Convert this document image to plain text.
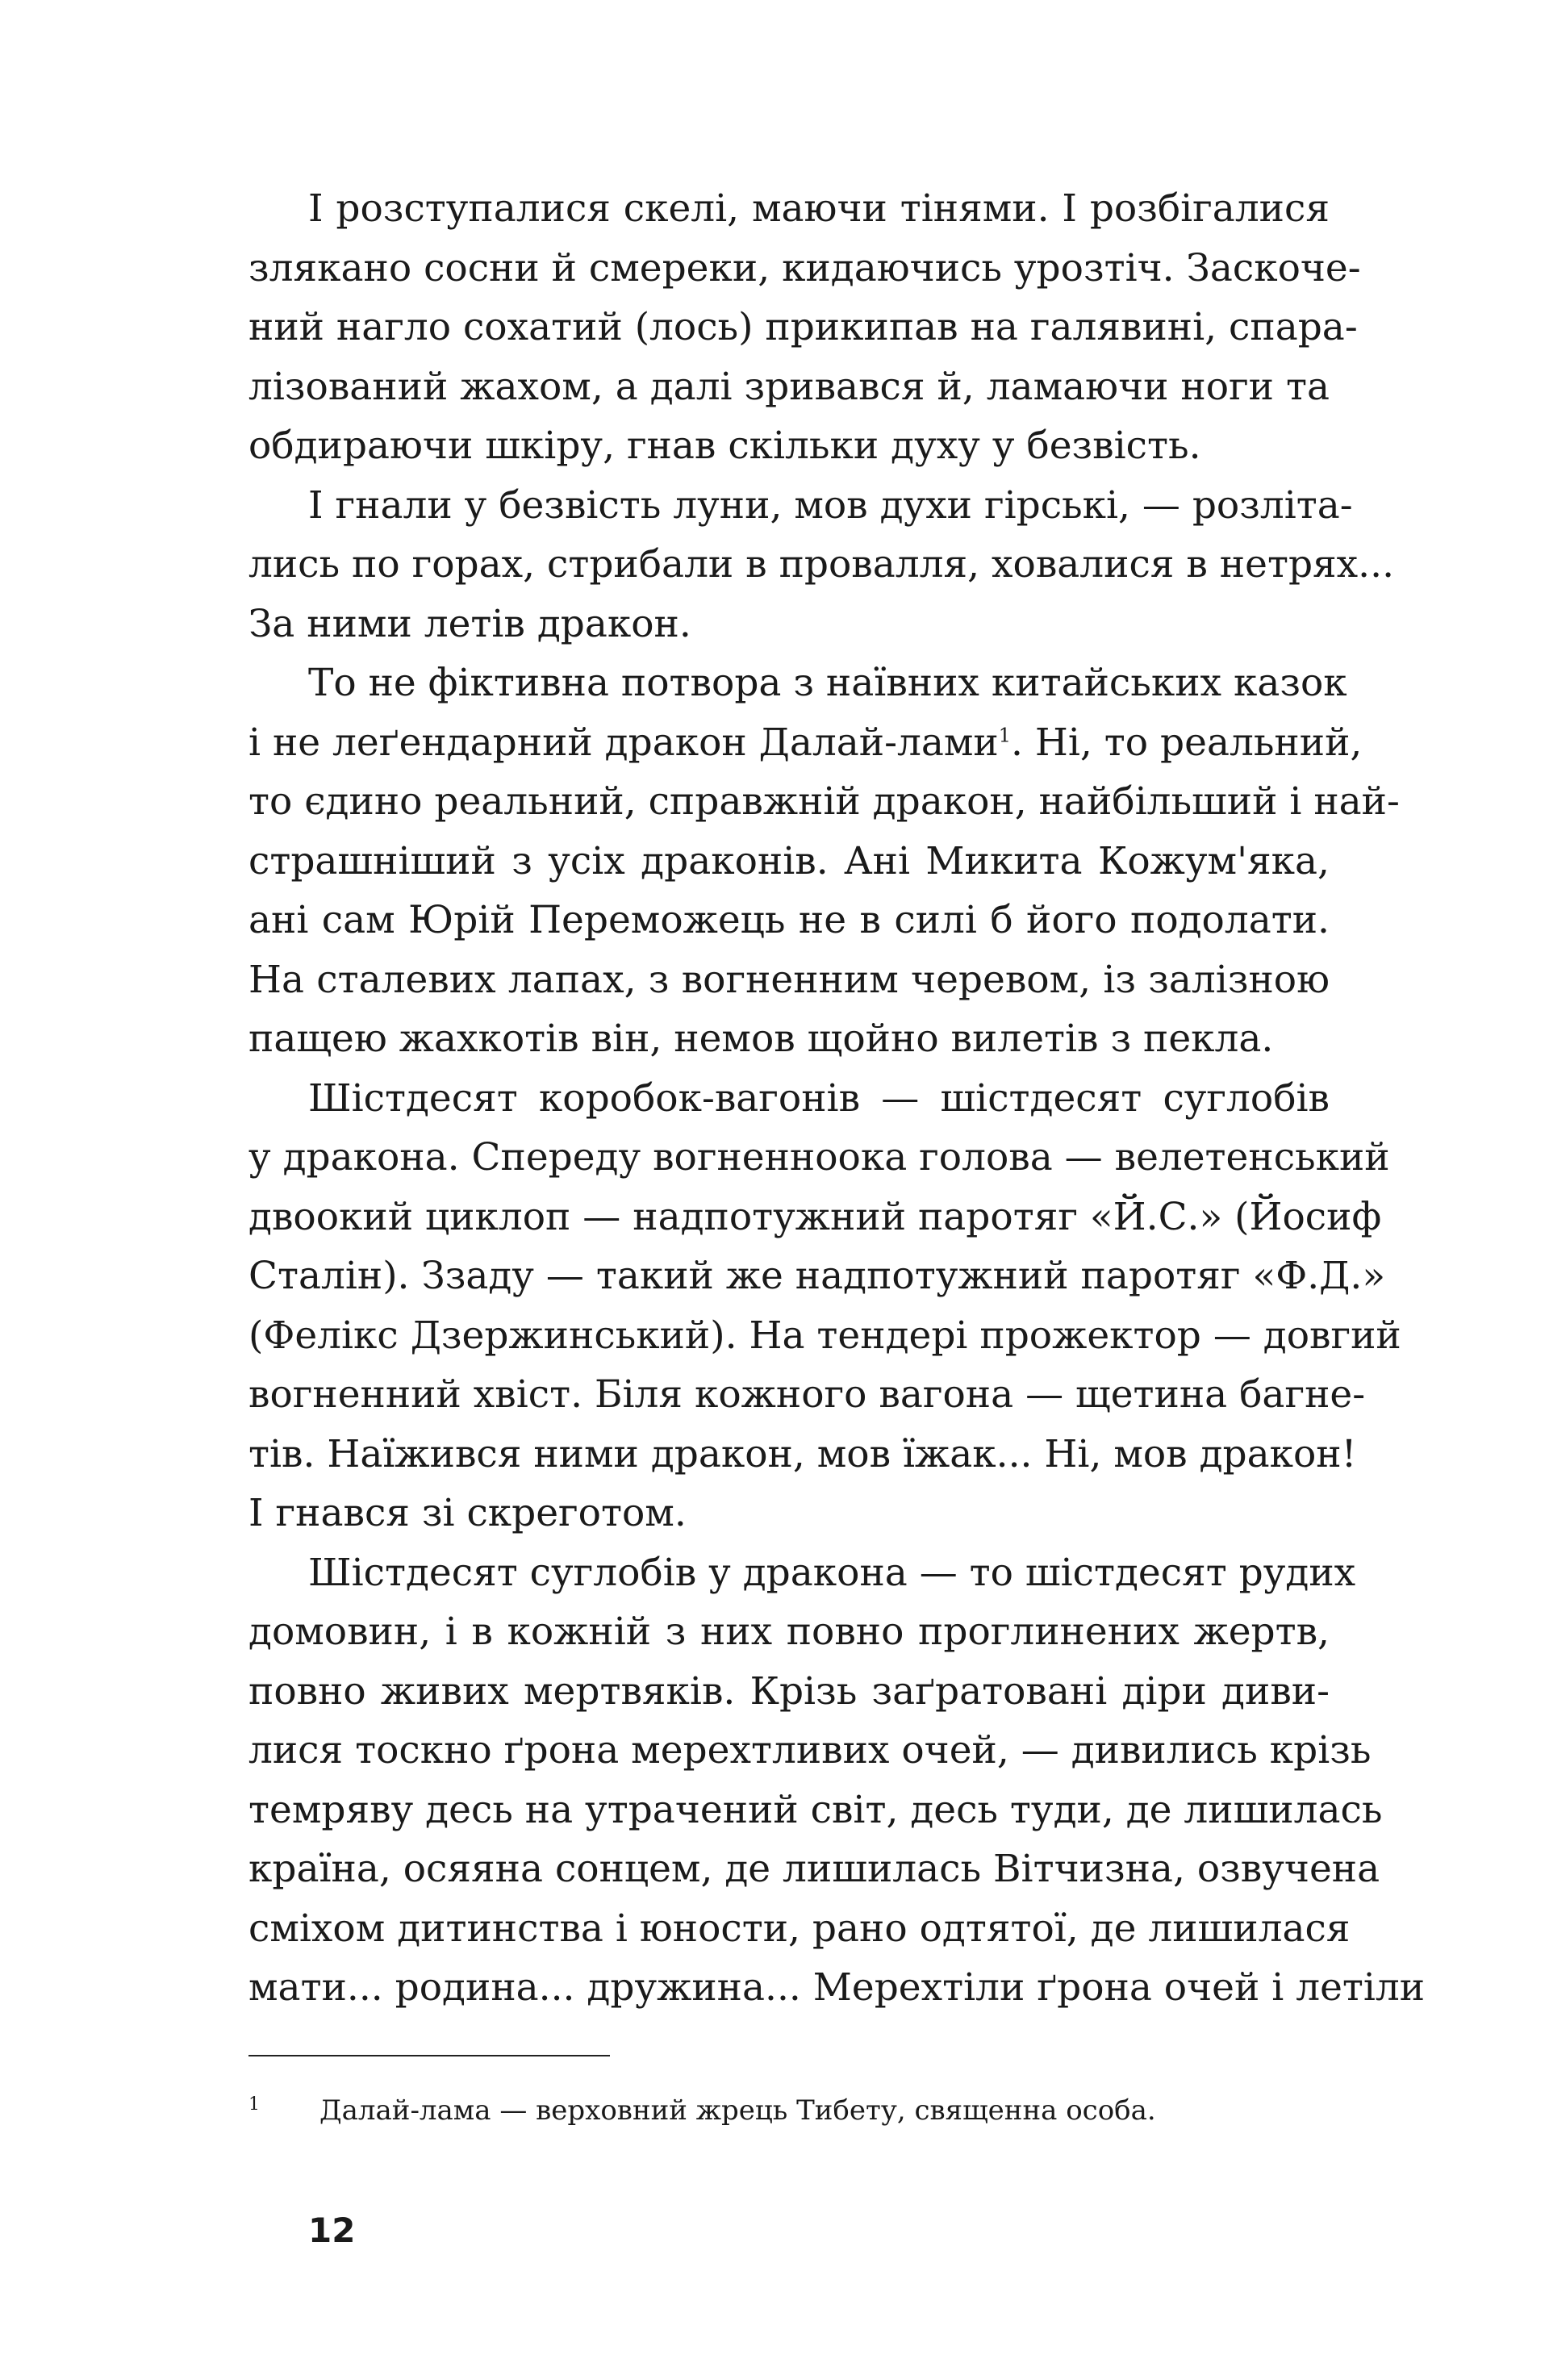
І розступалися скелі, маючи тінями. І розбігалися
злякано сосни й смереки, кидаючись урозтіч. Заскоче-
ний нагло сохатий (лось) прикипав на галявині, спара-
лізований жахом, а далі зривався й, ламаючи ноги та
обдираючи шкіру, гнав скільки духу у безвість.
І гнали у безвість луни, мов духи гірські, — розліта-
лись по горах, стрибали в провалля, ховалися в нетрях...
За ними летів дракон.
То не фіктивна потвора з наївних китайських казок
і не леґендарний дракон Далай-лами$^1$. Ні, то реальний,
то єдино реальний, справжній дракон, найбільший і най-
страшніший з усіх драконів. Ані Микита Кожум'яка,
ані сам Юрій Переможець не в силі б його подолати.
На сталевих лапах, з вогненним черевом, із залізною
пащею жахкотів він, немов щойно вилетів з пекла.
Шістдесят коробок-вагонів — шістдесят суглобів
у дракона. Спереду вогненноока голова — велетенський
двоокий циклоп — надпотужний паротяг «Й.С.» (Йосиф
Сталін). Ззаду — такий же надпотужний паротяг «Ф.Д.»
(Фелікс Дзержинський). На тендері прожектор — довгий
вогненний хвіст. Біля кожного вагона — щетина багне-
тів. Наїжився ними дракон, мов їжак... Ні, мов дракон!
І гнався зі скреготом.
Шістдесят суглобів у дракона — то шістдесят рудих
домовин, і в кожній з них повно проглинених жертв,
повно живих мертвяків. Крізь заґратовані діри диви-
лися тоскно ґрона мерехтливих очей, — дивились крізь
темряву десь на утрачений світ, десь туди, де лишилась
країна, осяяна сонцем, де лишилась Вітчизна, озвучена
сміхом дитинства і юности, рано одтятої, де лишилася
мати... родина... дружина... Мерехтіли ґрона очей і летіли
1 Далай-лама — верховний жрець Тибету, священна особа.
12
